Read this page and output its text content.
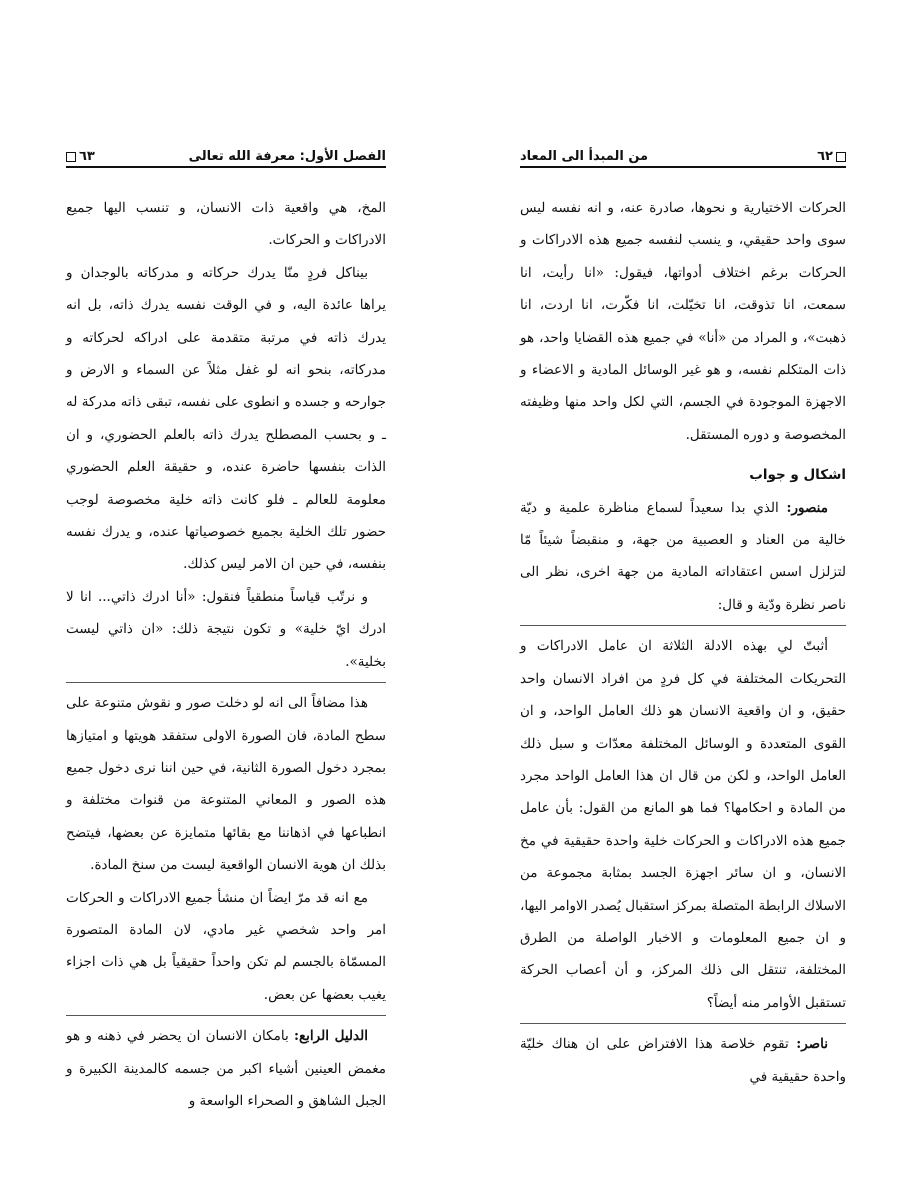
الفصل الأول: معرفة الله تعالى
٦٣

المخ، هي واقعية ذات الانسان، و تنسب اليها جميع الادراكات و الحركات.

بيناكل فردٍ منّا يدرك حركاته و مدركاته بالوجدان و يراها عائدة اليه، و في الوقت نفسه يدرك ذاته، بل انه يدرك ذاته في مرتبة متقدمة على ادراكه لحركاته و مدركاته، بنحو انه لو غفل مثلاً عن السماء و الارض و جوارحه و جسده و انطوى على نفسه، تبقى ذاته مدركة له ـ و بحسب المصطلح يدرك ذاته بالعلم الحضوري، و ان الذات بنفسها حاضرة عنده، و حقيقة العلم الحضوري معلومة للعالم ـ فلو كانت ذاته خلية مخصوصة لوجب حضور تلك الخلية بجميع خصوصياتها عنده، و يدرك نفسه بنفسه، في حين ان الامر ليس كذلك.

و نرتّب قياساً منطقياً فنقول: «أنا ادرك ذاتي... انا لا ادرك ايّ خلية» و تكون نتيجة ذلك: «ان ذاتي ليست بخلية».

هذا مضافاً الى انه لو دخلت صور و نقوش متنوعة على سطح المادة، فان الصورة الاولى ستفقد هويتها و امتيازها بمجرد دخول الصورة الثانية، في حين اننا نرى دخول جميع هذه الصور و المعاني المتنوعة من قنوات مختلفة و انطباعها في اذهاننا مع بقائها متمايزة عن بعضها، فيتضح بذلك ان هوية الانسان الواقعية ليست من سنخ المادة.

مع انه قد مرّ ايضاً ان منشأ جميع الادراكات و الحركات امر واحد شخصي غير مادي، لان المادة المتصورة المسمّاة بالجسم لم تكن واحداً حقيقياً بل هي ذات اجزاء يغيب بعضها عن بعض.

الدليل الرابع: بامكان الانسان ان يحضر في ذهنه و هو مغمض العينين أشياء اكبر من جسمه كالمدينة الكبيرة و الجبل الشاهق و الصحراء الواسعة و

٦٢
من المبدأ الى المعاد

الحركات الاختيارية و نحوها، صادرة عنه، و انه نفسه ليس سوى واحد حقيقي، و ينسب لنفسه جميع هذه الادراكات و الحركات برغم اختلاف أدواتها، فيقول: «انا رأيت، انا سمعت، انا تذوقت، انا تخيّلت، انا فكّرت، انا اردت، انا ذهبت»، و المراد من «أنا» في جميع هذه القضايا واحد، هو ذات المتكلم نفسه، و هو غير الوسائل المادية و الاعضاء و الاجهزة الموجودة في الجسم، التي لكل واحد منها وظيفته المخصوصة و دوره المستقل.

اشكال و جواب

منصور: الذي بدا سعيداً لسماع مناظرة علمية و ديّة خالية من العناد و العصبية من جهة، و منقبضاً شيئاً مّا لتزلزل اسس اعتقاداته المادية من جهة اخرى، نظر الى ناصر نظرة ودّية و قال:

أثبتّ لي بهذه الادلة الثلاثة ان عامل الادراكات و التحريكات المختلفة في كل فردٍ من افراد الانسان واحد حقيق، و ان واقعية الانسان هو ذلك العامل الواحد، و ان القوى المتعددة و الوسائل المختلفة معدّات و سبل ذلك العامل الواحد، و لكن من قال ان هذا العامل الواحد مجرد من المادة و احكامها؟ فما هو المانع من القول: بأن عامل جميع هذه الادراكات و الحركات خلية واحدة حقيقية في مخ الانسان، و ان سائر اجهزة الجسد بمثابة مجموعة من الاسلاك الرابطة المتصلة بمركز استقبال يُصدر الاوامر اليها، و ان جميع المعلومات و الاخبار الواصلة من الطرق المختلفة، تنتقل الى ذلك المركز، و أن أعصاب الحركة تستقبل الأوامر منه أيضاً؟

ناصر: تقوم خلاصة هذا الافتراض على ان هناك خليّة واحدة حقيقية في
